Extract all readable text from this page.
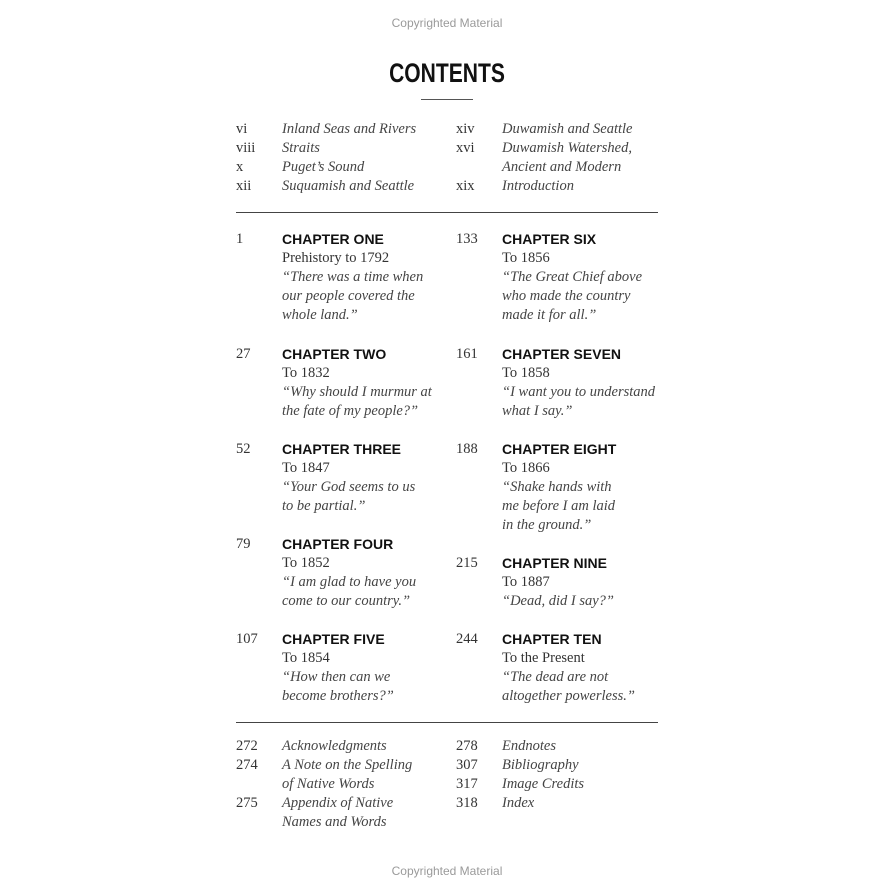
Copyrighted Material
CONTENTS
vi Inland Seas and Rivers
viii Straits
x	Puget’s Sound
xii Suquamish and Seattle
xiv Duwamish and Seattle
xvi Duwamish Watershed,
Ancient and Modern
xix Introduction
1	CHAPTER ONE
Prehistory to 1792
“There was a time when
our people covered the
whole land.”
27 CHAPTER TWO
To 1832
“Why should I murmur at
the fate of my people?”
52 CHAPTER THREE
To 1847
“Your God seems to us
to be partial.”
79 CHAPTER FOUR
To 1852
“I am glad to have you
come to our country.”
107 CHAPTER FIVE
To 1854
“How then can we
become brothers?”
133 CHAPTER SIX
To 1856
“The Great Chief above
who made the country
made it for all.”
161 CHAPTER SEVEN
To 1858
“I want you to understand
what I say.”
188 CHAPTER EIGHT
To 1866
“Shake hands with
me before I am laid
in the ground.”
215 CHAPTER NINE
To 1887
“Dead, did I say?”
244 CHAPTER TEN
To the Present
“The dead are not
altogether powerless.”
272 Acknowledgments
274 A Note on the Spelling
of Native Words
275 Appendix of Native
Names and Words
278 Endnotes
307 Bibliography
317 Image Credits
318 Index
Copyrighted Material
